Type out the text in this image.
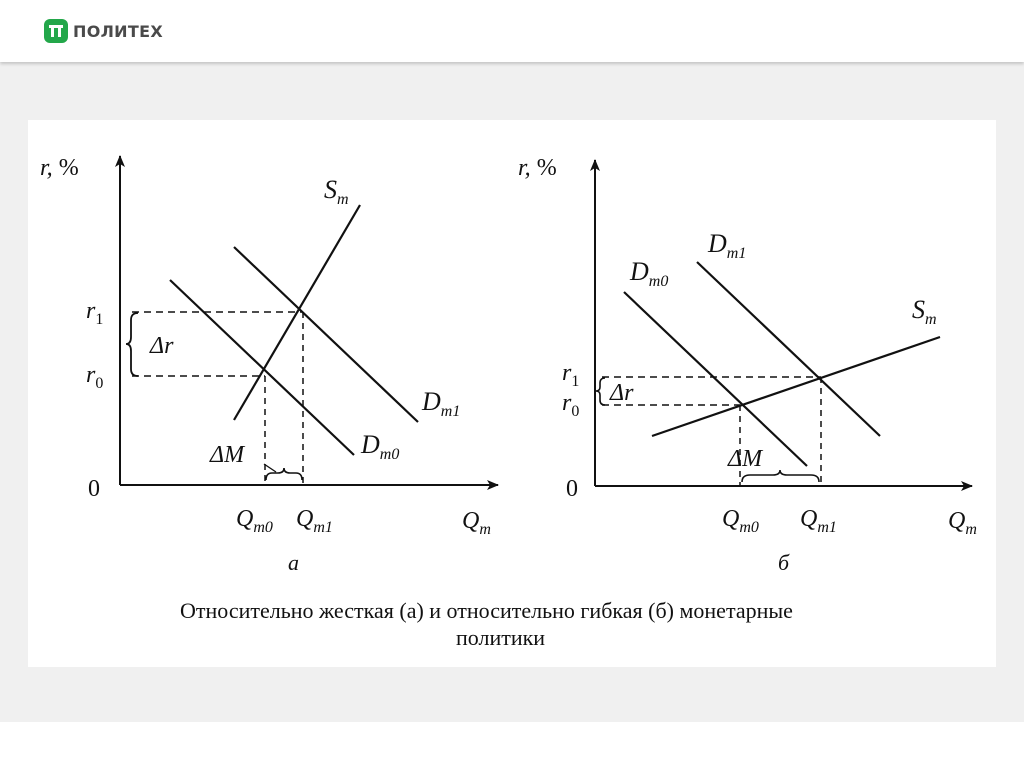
ПОЛИТЕХ
r, %
$S_m$
$r_1$
Δr
$r_0$
$D_{m1}$
$D_{m0}$
ΔM
0
$Q_{m0}$ $Q_{m1}$	$Q_m$
а
r, %
$D_{m1}$
$D_{m0}$
$S_m$
$r_1$ Δr
$r_0$
ΔM
0
$Q_{m0}$ $Q_{m1}$	$Q_m$
б
Относительно жесткая (а) и относительно гибкая (б) монетарные
политики
